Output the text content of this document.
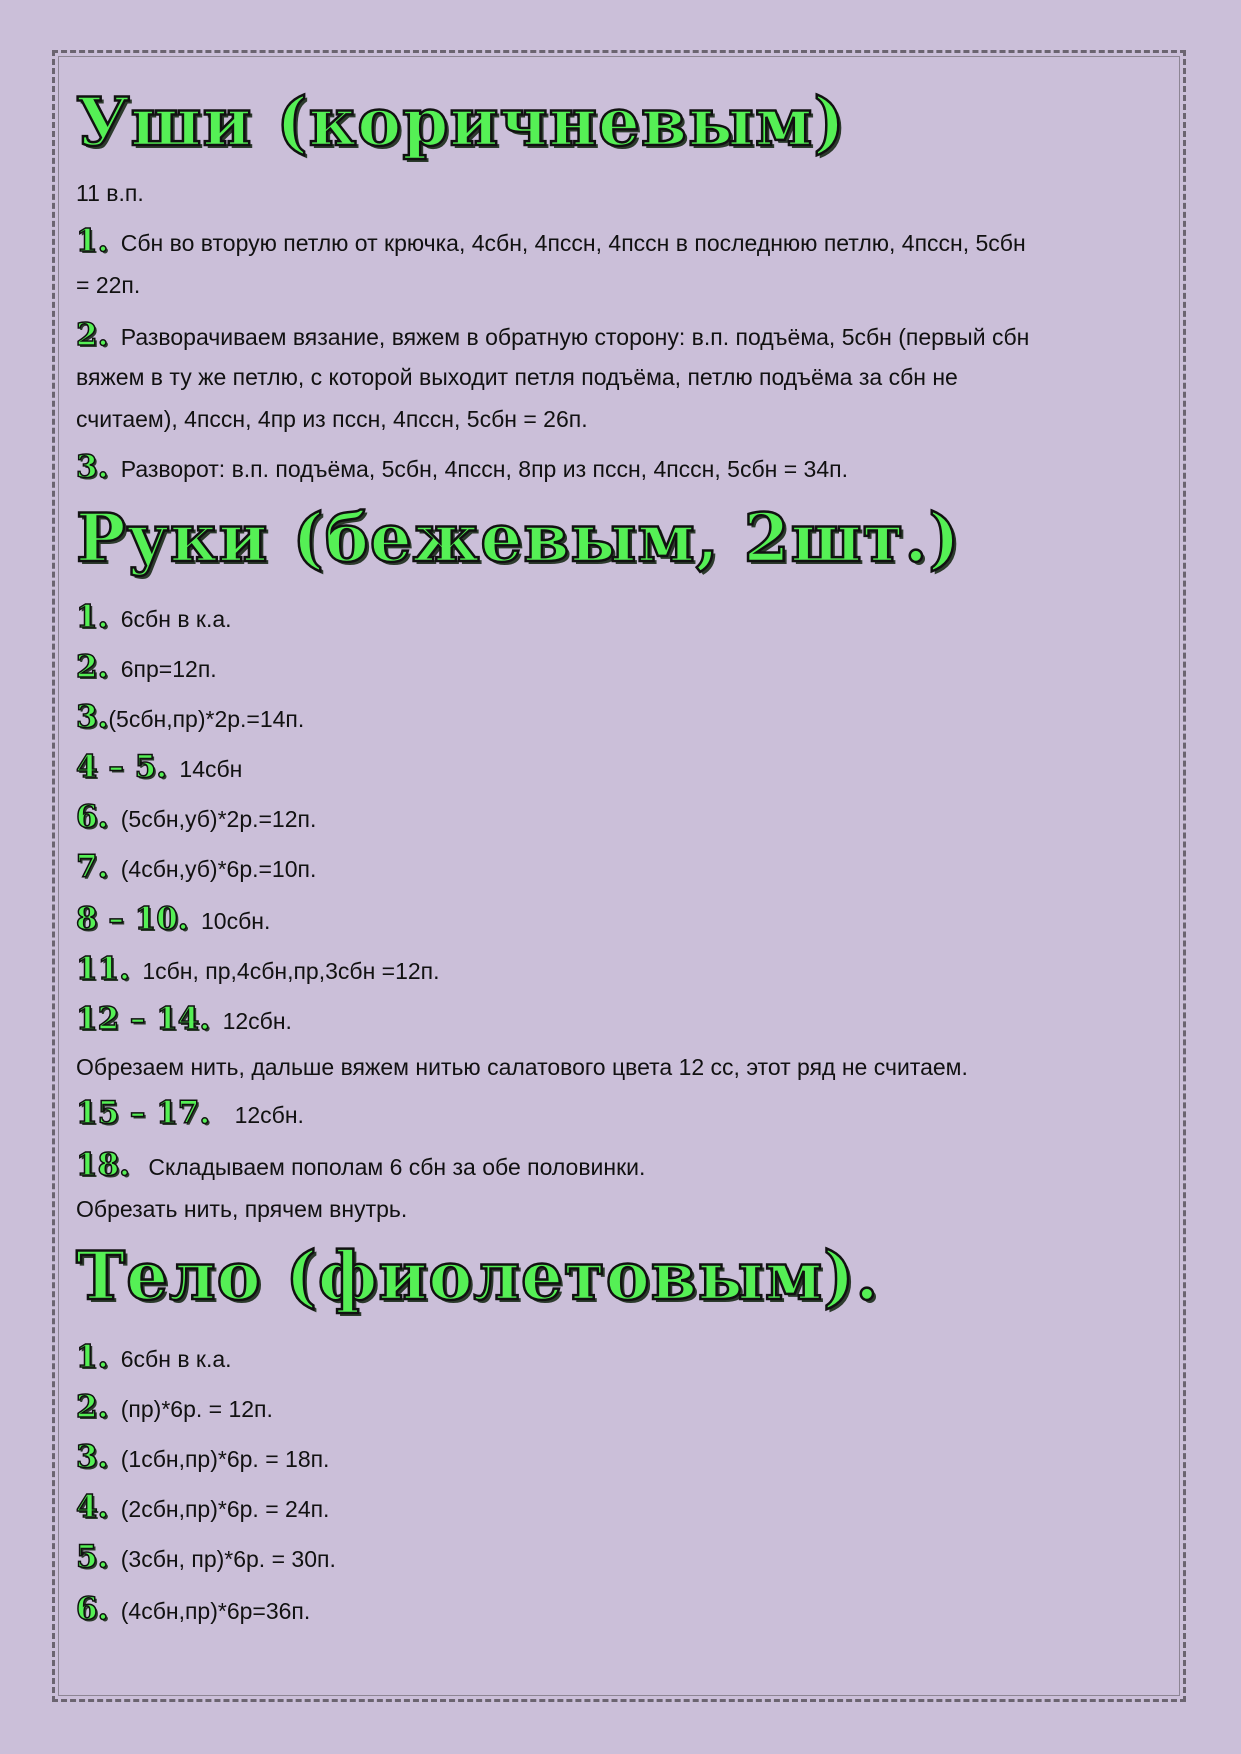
Уши (коричневым)
11 в.п.
1. Сбн во вторую петлю от крючка, 4сбн, 4пссн, 4пссн в последнюю петлю, 4пссн, 5сбн
= 22п.
2. Разворачиваем вязание, вяжем в обратную сторону: в.п. подъёма, 5сбн (первый сбн
вяжем в ту же петлю, с которой выходит петля подъёма, петлю подъёма за сбн не
считаем), 4пссн, 4пр из пссн, 4пссн, 5сбн = 26п.
3. Разворот: в.п. подъёма, 5сбн, 4пссн, 8пр из пссн, 4пссн, 5сбн = 34п.
Руки (бежевым, 2шт.)
1. 6сбн в к.а.
2. 6пр=12п.
3.(5сбн,пр)*2р.=14п.
4 – 5. 14сбн
6. (5сбн,уб)*2р.=12п.
7. (4сбн,уб)*6р.=10п.
8 – 10. 10сбн.
11. 1сбн, пр,4сбн,пр,3сбн =12п.
12 – 14. 12сбн.
Обрезаем нить, дальше вяжем нитью салатового цвета 12 сс, этот ряд не считаем.
15 – 17. 12сбн.
18. Складываем пополам 6 сбн за обе половинки.
Обрезать нить, прячем внутрь.
Тело (фиолетовым).
1. 6сбн в к.а.
2. (пр)*6р. = 12п.
3. (1сбн,пр)*6р. = 18п.
4. (2сбн,пр)*6р. = 24п.
5. (3сбн, пр)*6р. = 30п.
6. (4сбн,пр)*6р=36п.
